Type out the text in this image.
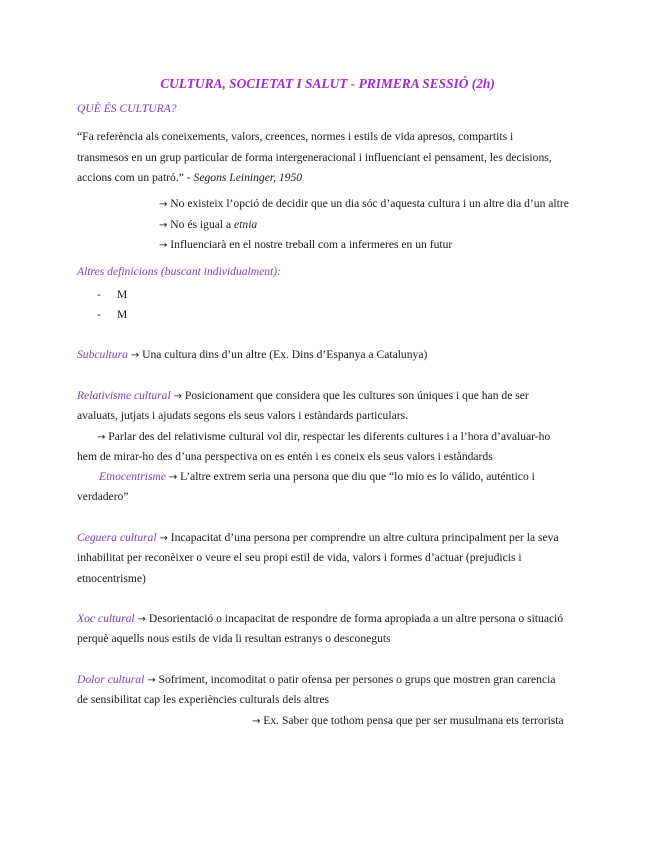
CULTURA, SOCIETAT I SALUT - PRIMERA SESSIÓ (2h)
QUÈ ÉS CULTURA?
“Fa referència als coneixements, valors, creences, normes i estils de vida apresos, compartits i
transmesos en un grup particular de forma intergeneracional i influenciant el pensament, les decisions,
accions com un patró.” - Segons Leininger, 1950
→ No existeix l’opció de decidir que un dia sóc d’aquesta cultura i un altre dia d’un altre
→ No és igual a etnia
→ Influenciarà en el nostre treball com a infermeres en un futur
Altres definicions (buscant individualment):
- M
- M
Subcultura → Una cultura dins d’un altre (Ex. Dins d’Espanya a Catalunya)
Relativisme cultural → Posicionament que considera que les cultures son úniques i que han de ser
avaluats, jutjats i ajudats segons els seus valors i estàndards particulars.
→ Parlar des del relativisme cultural vol dir, respectar les diferents cultures i a l’hora d’avaluar-ho
hem de mirar-ho des d’una perspectiva on es entén i es coneix els seus valors i estàndards
Etnocentrisme → L’altre extrem seria una persona que diu que “lo mio es lo válido, auténtico i
verdadero”
Ceguera cultural → Incapacitat d’una persona per comprendre un altre cultura principalment per la seva
inhabilitat per reconèixer o veure el seu propi estil de vida, valors i formes d’actuar (prejudicis i
etnocentrisme)
Xoc cultural → Desorientació o incapacitat de respondre de forma apropiada a un altre persona o situació
perquè aquells nous estils de vida li resultan estranys o desconeguts
Dolor cultural → Sofriment, incomoditat o patir ofensa per persones o grups que mostren gran carencia
de sensibilitat cap les experiències culturals dels altres
→ Ex. Saber que tothom pensa que per ser musulmana ets terrorista
